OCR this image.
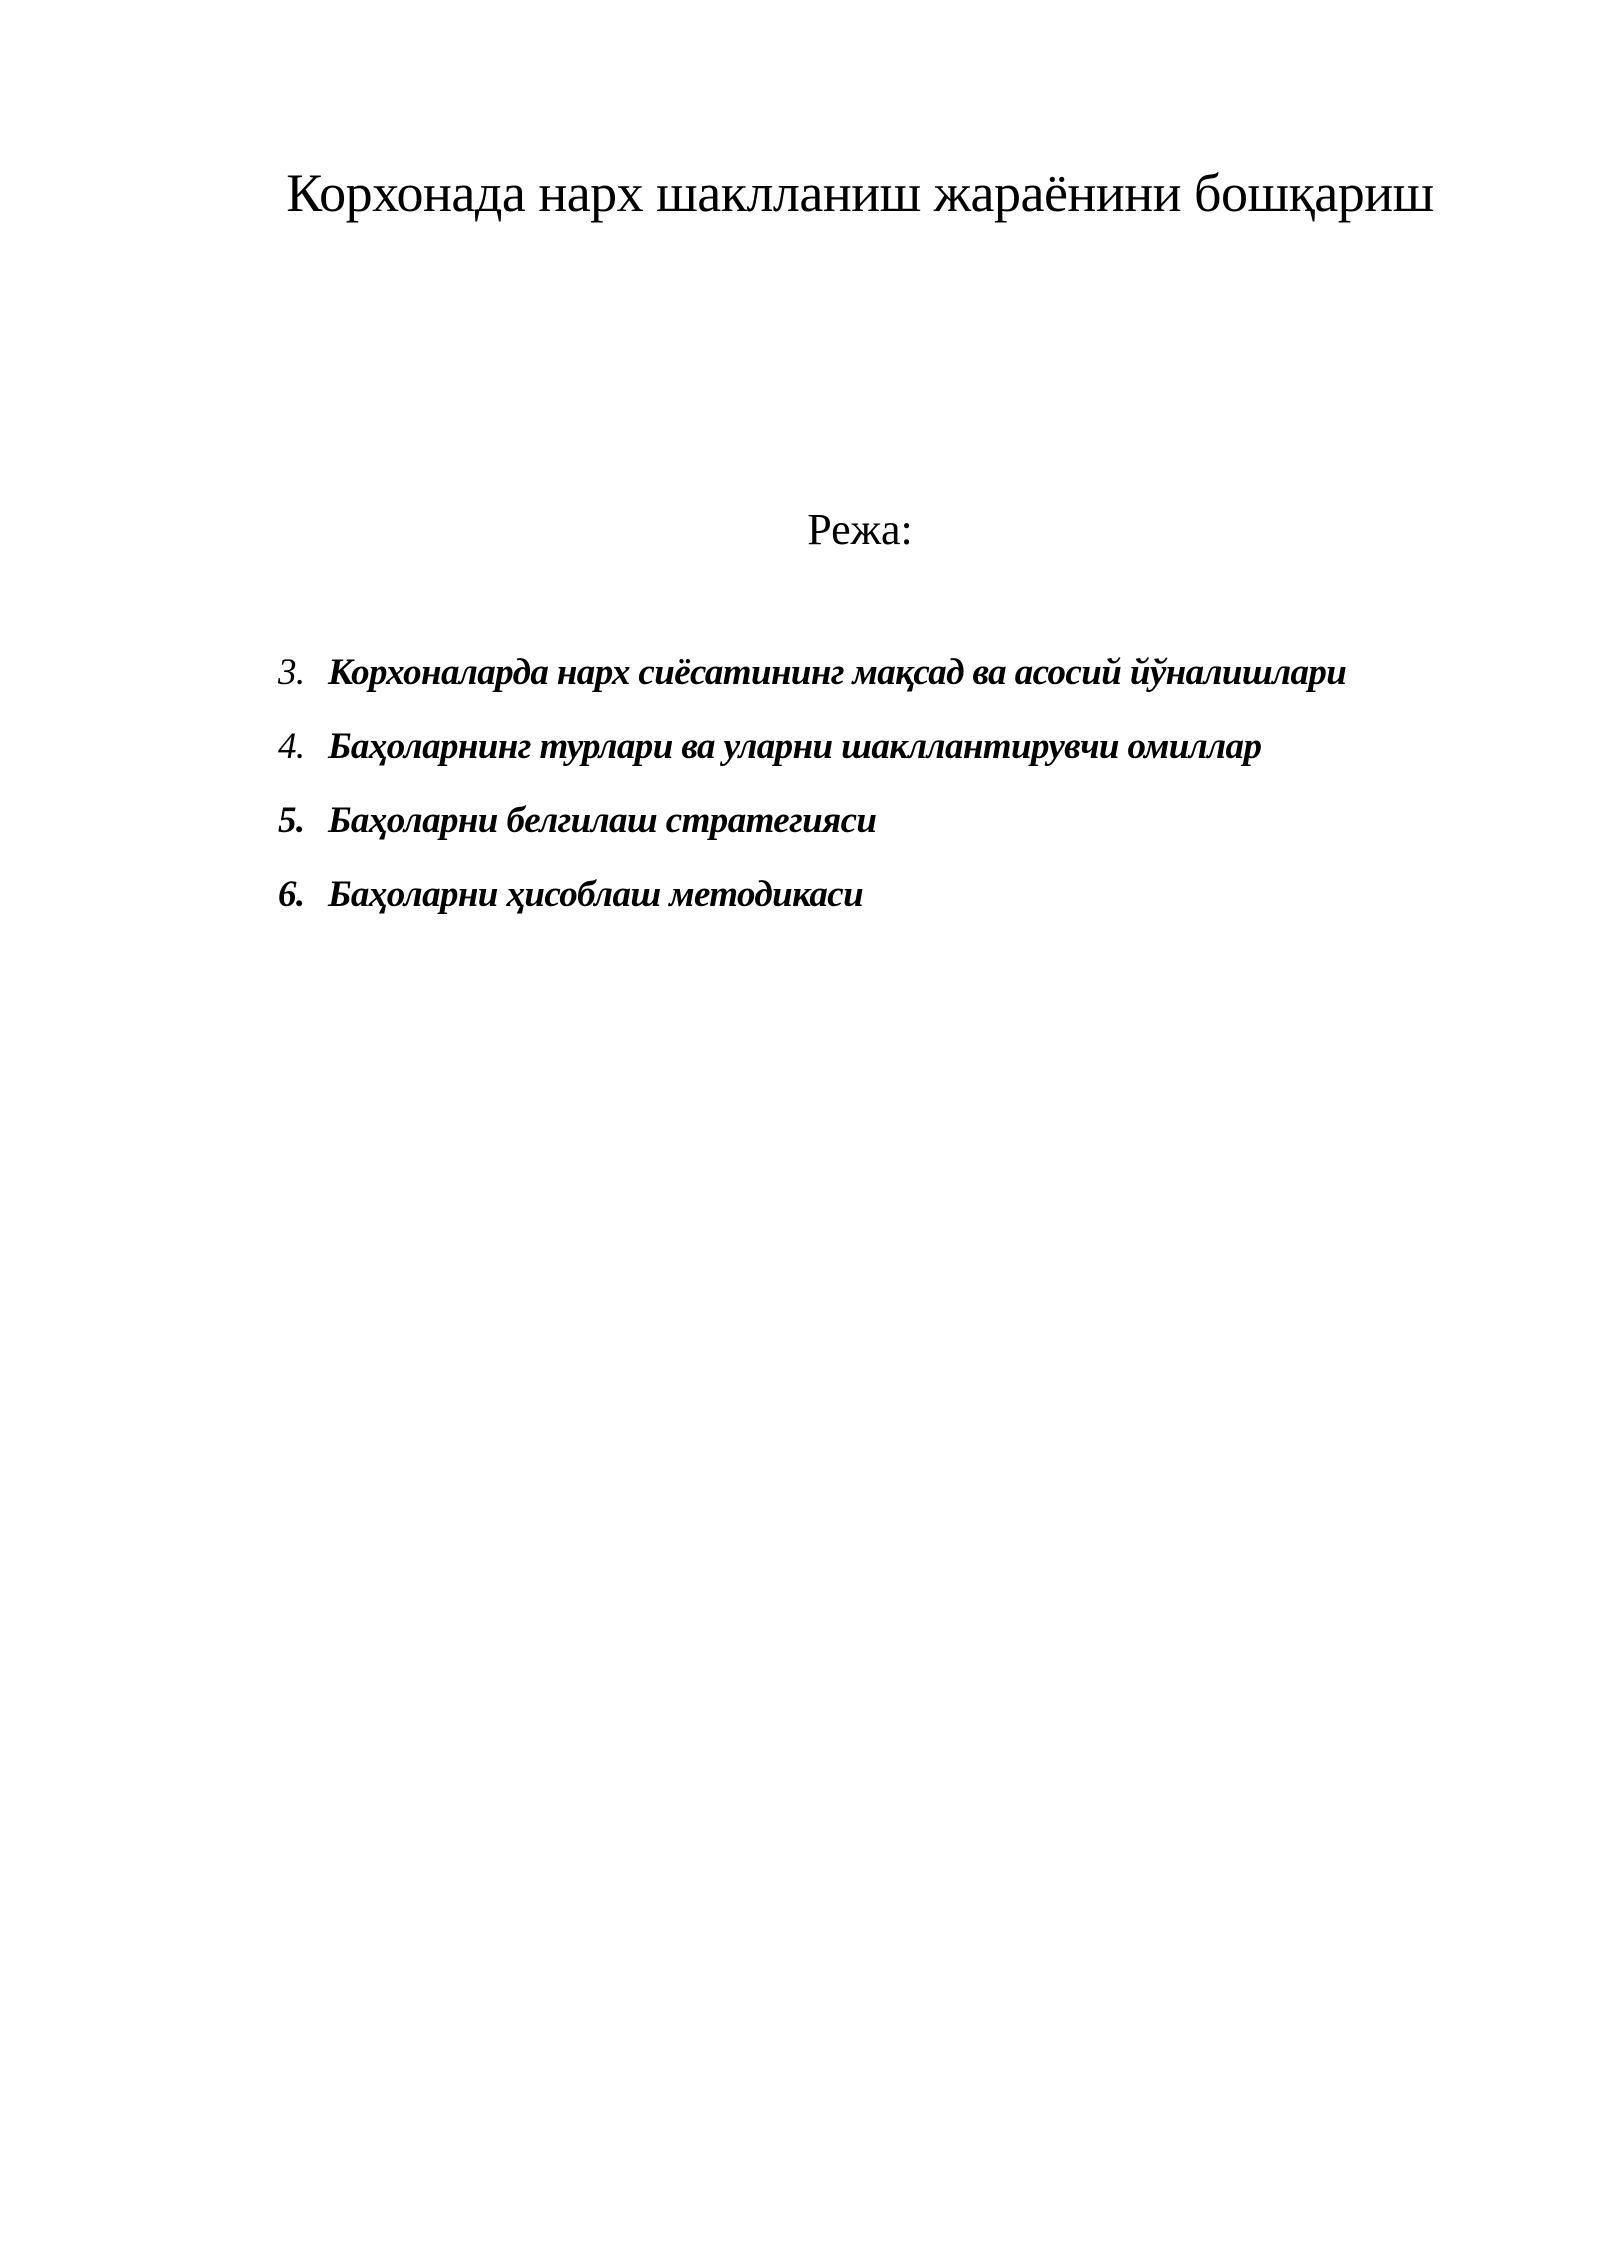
Корхонада нарх шаклланиш жараёнини бошқариш
Режа:
3. Корхоналарда нарх сиёсатининг мақсад ва асосий йўналишлари
4. Баҳоларнинг турлари ва уларни шакллантирувчи омиллар
5. Баҳоларни белгилаш стратегияси
6. Баҳоларни ҳисоблаш методикаси
